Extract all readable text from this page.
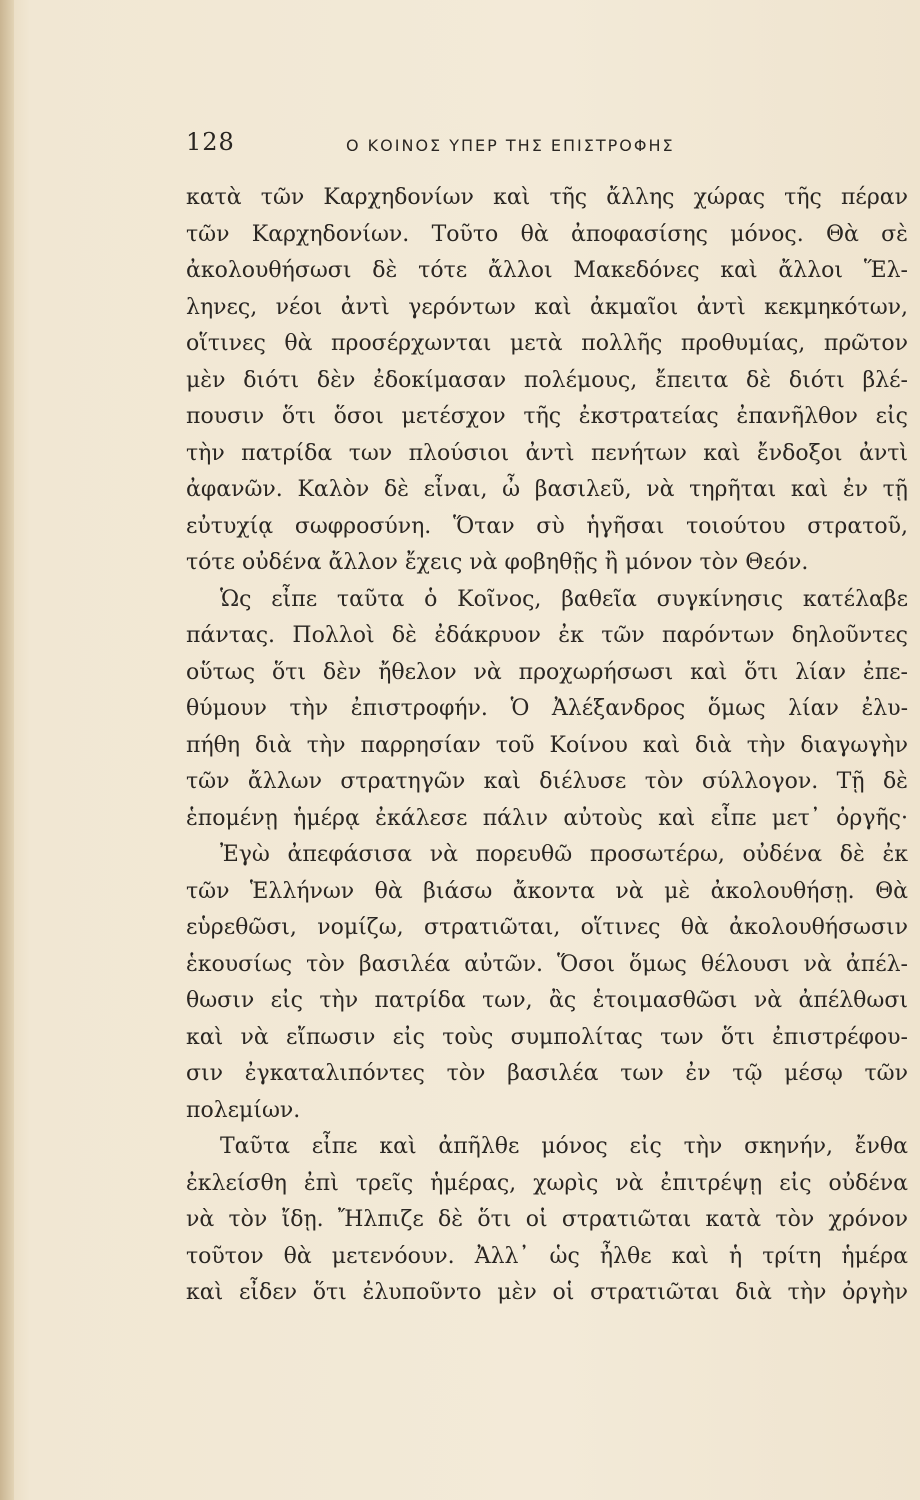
128	Ο ΚΟΙΝΟΣ ΥΠΕΡ ΤΗΣ ΕΠΙΣΤΡΟΦΗΣ
κατὰ τῶν Καρχηδονίων καὶ τῆς ἄλλης χώρας τῆς πέραν
τῶν Καρχηδονίων. Τοῦτο θὰ ἀποφασίσης μόνος. Θὰ σὲ
ἀκολουθήσωσι δὲ τότε ἄλλοι Μακεδόνες καὶ ἄλλοι Ἕλ-
ληνες, νέοι ἀντὶ γερόντων καὶ ἀκμαῖοι ἀντὶ κεκμηκότων,
οἵτινες θὰ προσέρχωνται μετὰ πολλῆς προθυμίας, πρῶτον
μὲν διότι δὲν ἐδοκίμασαν πολέμους, ἔπειτα δὲ διότι βλέ-
πουσιν ὅτι ὅσοι μετέσχον τῆς ἐκστρατείας ἐπανῆλθον εἰς
τὴν πατρίδα των πλούσιοι ἀντὶ πενήτων καὶ ἔνδοξοι ἀντὶ
ἀφανῶν. Καλὸν δὲ εἶναι, ὦ βασιλεῦ, νὰ τηρῆται καὶ ἐν τῇ
εὐτυχίᾳ σωφροσύνη. Ὅταν σὺ ἡγῆσαι τοιούτου στρατοῦ,
τότε οὐδένα ἄλλον ἔχεις νὰ φοβηθῇς ἢ μόνον τὸν Θεόν.
Ὡς εἶπε ταῦτα ὁ Κοῖνος, βαθεῖα συγκίνησις κατέλαβε
πάντας. Πολλοὶ δὲ ἐδάκρυον ἐκ τῶν παρόντων δηλοῦντες
οὕτως ὅτι δὲν ἤθελον νὰ προχωρήσωσι καὶ ὅτι λίαν ἐπε-
θύμουν τὴν ἐπιστροφήν. Ὁ Ἀλέξανδρος ὅμως λίαν ἐλυ-
πήθη διὰ τὴν παρρησίαν τοῦ Κοίνου καὶ διὰ τὴν διαγωγὴν
τῶν ἄλλων στρατηγῶν καὶ διέλυσε τὸν σύλλογον. Τῇ δὲ
ἑπομένῃ ἡμέρᾳ ἐκάλεσε πάλιν αὐτοὺς καὶ εἶπε μετ᾿ ὀργῆς·
Ἐγὼ ἀπεφάσισα νὰ πορευθῶ προσωτέρω, οὐδένα δὲ ἐκ
τῶν Ἑλλήνων θὰ βιάσω ἄκοντα νὰ μὲ ἀκολουθήσῃ. Θὰ
εὑρεθῶσι, νομίζω, στρατιῶται, οἵτινες θὰ ἀκολουθήσωσιν
ἑκουσίως τὸν βασιλέα αὐτῶν. Ὅσοι ὅμως θέλουσι νὰ ἀπέλ-
θωσιν εἰς τὴν πατρίδα των, ἂς ἑτοιμασθῶσι νὰ ἀπέλθωσι
καὶ νὰ εἴπωσιν εἰς τοὺς συμπολίτας των ὅτι ἐπιστρέφου-
σιν ἐγκαταλιπόντες τὸν βασιλέα των ἐν τῷ μέσῳ τῶν
πολεμίων.
Ταῦτα εἶπε καὶ ἀπῆλθε μόνος εἰς τὴν σκηνήν, ἔνθα
ἐκλείσθη ἐπὶ τρεῖς ἡμέρας, χωρὶς νὰ ἐπιτρέψῃ εἰς οὐδένα
νὰ τὸν ἴδῃ. Ἤλπιζε δὲ ὅτι οἱ στρατιῶται κατὰ τὸν χρόνον
τοῦτον θὰ μετενόουν. Ἀλλ᾿ ὡς ἦλθε καὶ ἡ τρίτη ἡμέρα
καὶ εἶδεν ὅτι ἐλυποῦντο μὲν οἱ στρατιῶται διὰ τὴν ὀργὴν
